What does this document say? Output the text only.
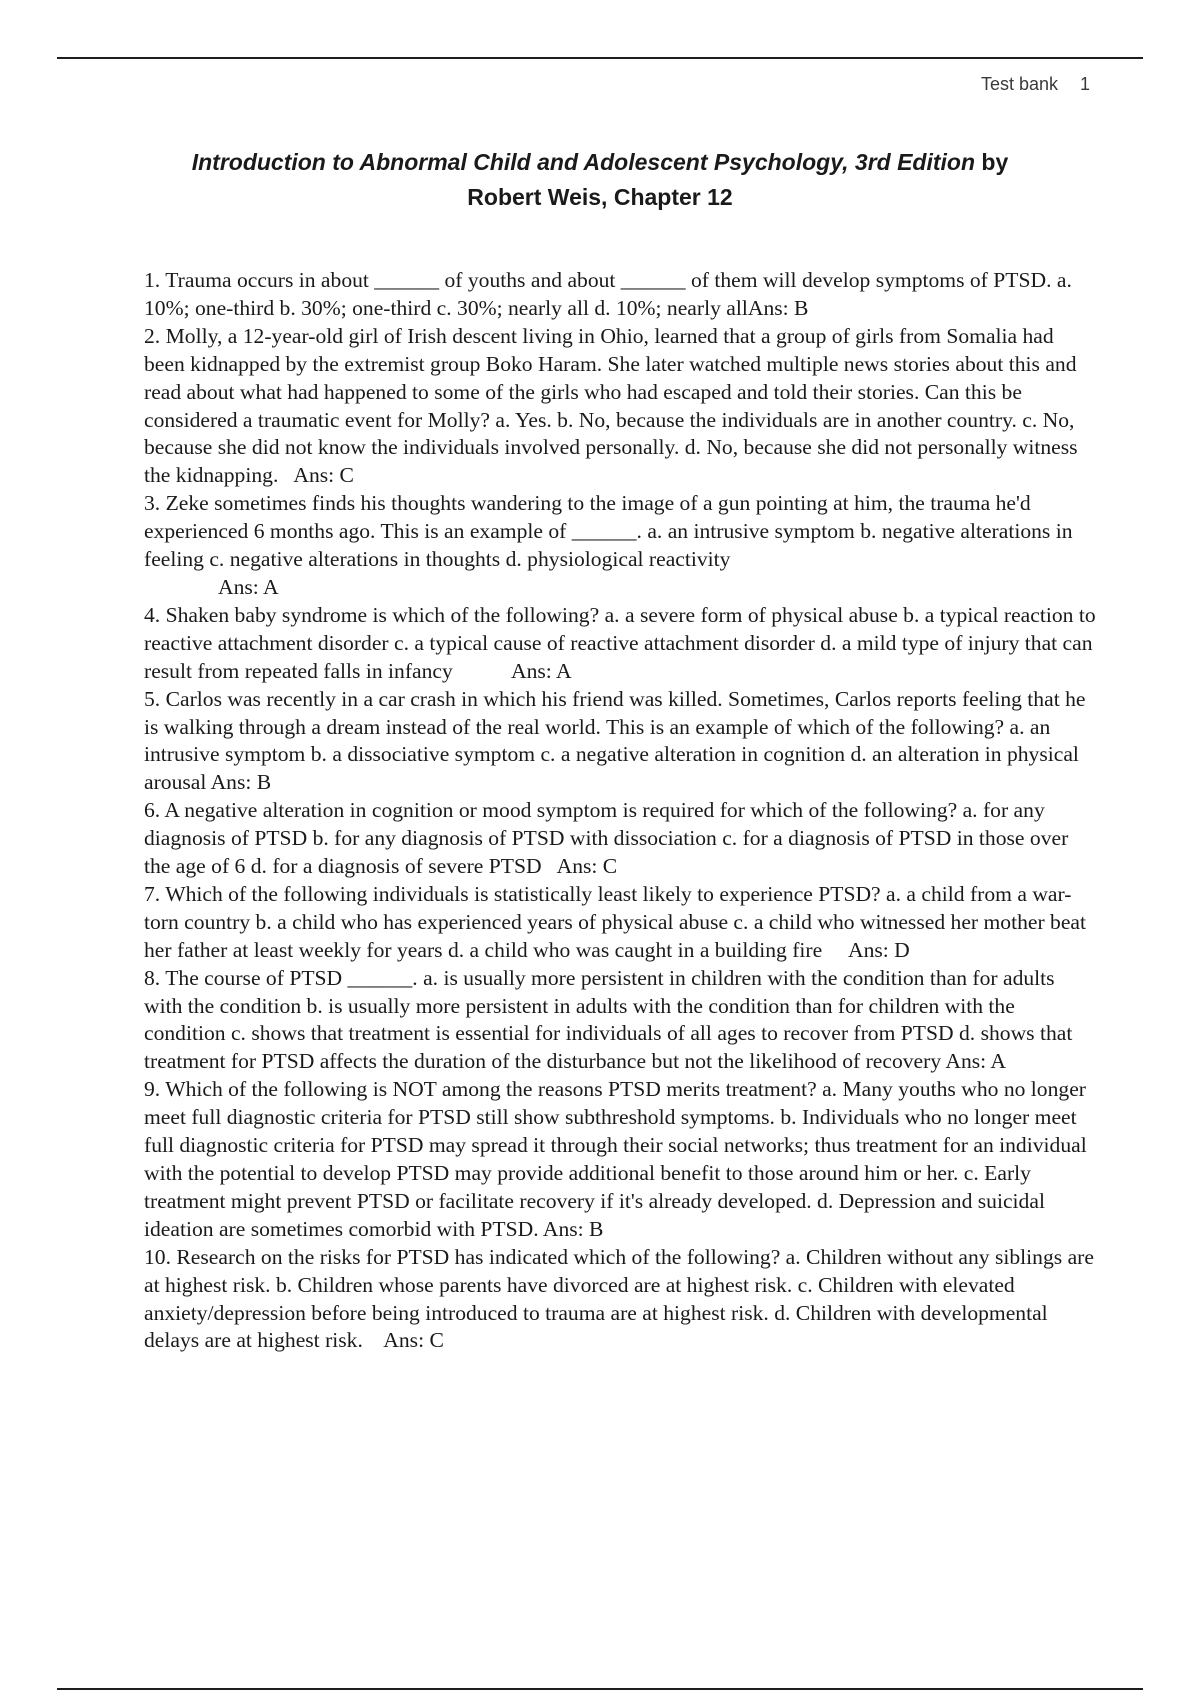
Test bank 1
Introduction to Abnormal Child and Adolescent Psychology, 3rd Edition by
Robert Weis, Chapter 12

1. Trauma occurs in about ______ of youths and about ______ of them will develop symptoms of PTSD. a. 10%; one-third b. 30%; one-third c. 30%; nearly all d. 10%; nearly allAns: B

2. Molly, a 12-year-old girl of Irish descent living in Ohio, learned that a group of girls from Somalia had been kidnapped by the extremist group Boko Haram. She later watched multiple news stories about this and read about what had happened to some of the girls who had escaped and told their stories. Can this be considered a traumatic event for Molly? a. Yes. b. No, because the individuals are in another country. c. No, because she did not know the individuals involved personally. d. No, because she did not personally witness the kidnapping. Ans: C

3. Zeke sometimes finds his thoughts wandering to the image of a gun pointing at him, the trauma he'd experienced 6 months ago. This is an example of ______. a. an intrusive symptom b. negative alterations in feeling c. negative alterations in thoughts d. physiological reactivity
Ans: A

4. Shaken baby syndrome is which of the following? a. a severe form of physical abuse b. a typical reaction to reactive attachment disorder c. a typical cause of reactive attachment disorder d. a mild type of injury that can result from repeated falls in infancy	Ans: A

5. Carlos was recently in a car crash in which his friend was killed. Sometimes, Carlos reports feeling that he is walking through a dream instead of the real world. This is an example of which of the following? a. an intrusive symptom b. a dissociative symptom c. a negative alteration in cognition d. an alteration in physical arousal Ans: B

6. A negative alteration in cognition or mood symptom is required for which of the following? a. for any diagnosis of PTSD b. for any diagnosis of PTSD with dissociation c. for a diagnosis of PTSD in those over the age of 6 d. for a diagnosis of severe PTSD Ans: C

7. Which of the following individuals is statistically least likely to experience PTSD? a. a child from a war-torn country b. a child who has experienced years of physical abuse c. a child who witnessed her mother beat her father at least weekly for years d. a child who was caught in a building fire Ans: D

8. The course of PTSD ______. a. is usually more persistent in children with the condition than for adults with the condition b. is usually more persistent in adults with the condition than for children with the condition c. shows that treatment is essential for individuals of all ages to recover from PTSD d. shows that treatment for PTSD affects the duration of the disturbance but not the likelihood of recovery Ans: A

9. Which of the following is NOT among the reasons PTSD merits treatment? a. Many youths who no longer meet full diagnostic criteria for PTSD still show subthreshold symptoms. b. Individuals who no longer meet full diagnostic criteria for PTSD may spread it through their social networks; thus treatment for an individual with the potential to develop PTSD may provide additional benefit to those around him or her. c. Early treatment might prevent PTSD or facilitate recovery if it's already developed. d. Depression and suicidal ideation are sometimes comorbid with PTSD. Ans: B

10. Research on the risks for PTSD has indicated which of the following? a. Children without any siblings are at highest risk. b. Children whose parents have divorced are at highest risk. c. Children with elevated anxiety/depression before being introduced to trauma are at highest risk. d. Children with developmental delays are at highest risk. Ans: C
